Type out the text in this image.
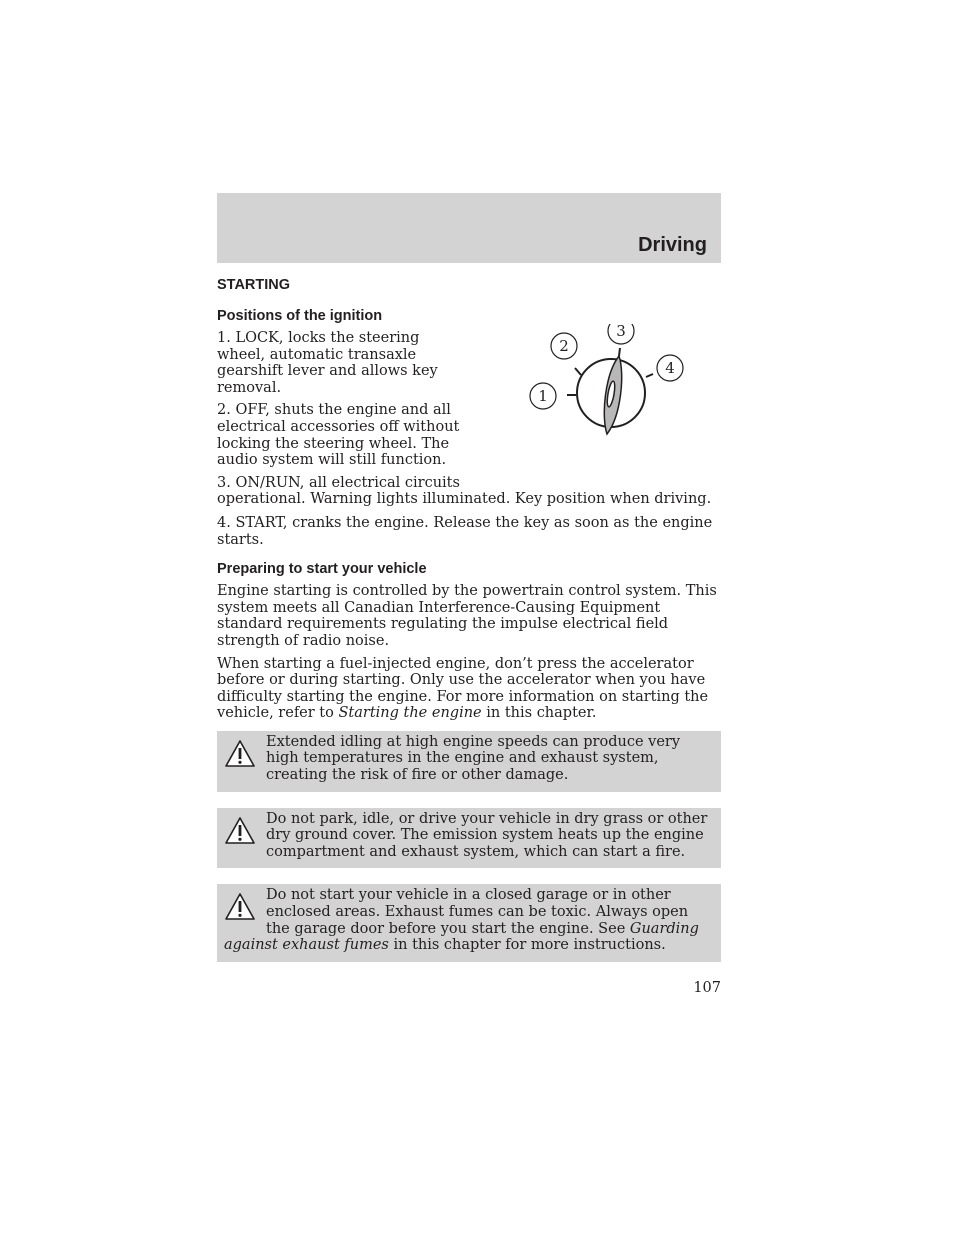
Driving
STARTING
Positions of the ignition

1. LOCK, locks the steering wheel, automatic transaxle gearshift lever and allows key removal.

2. OFF, shuts the engine and all electrical accessories off without locking the steering wheel. The audio system will still function.

3. ON/RUN, all electrical circuits

1
2
3
4

operational. Warning lights illuminated. Key position when driving.

4. START, cranks the engine. Release the key as soon as the engine starts.

Preparing to start your vehicle

Engine starting is controlled by the powertrain control system. This system meets all Canadian Interference-Causing Equipment standard requirements regulating the impulse electrical field strength of radio noise.

When starting a fuel-injected engine, don’t press the accelerator before or during starting. Only use the accelerator when you have difficulty starting the engine. For more information on starting the vehicle, refer to Starting the engine in this chapter.

Extended idling at high engine speeds can produce very high temperatures in the engine and exhaust system, creating the risk of fire or other damage.

Do not park, idle, or drive your vehicle in dry grass or other dry ground cover. The emission system heats up the engine compartment and exhaust system, which can start a fire.

Do not start your vehicle in a closed garage or in other enclosed areas. Exhaust fumes can be toxic. Always open the garage door before you start the engine. See Guarding against exhaust fumes in this chapter for more instructions.

107
